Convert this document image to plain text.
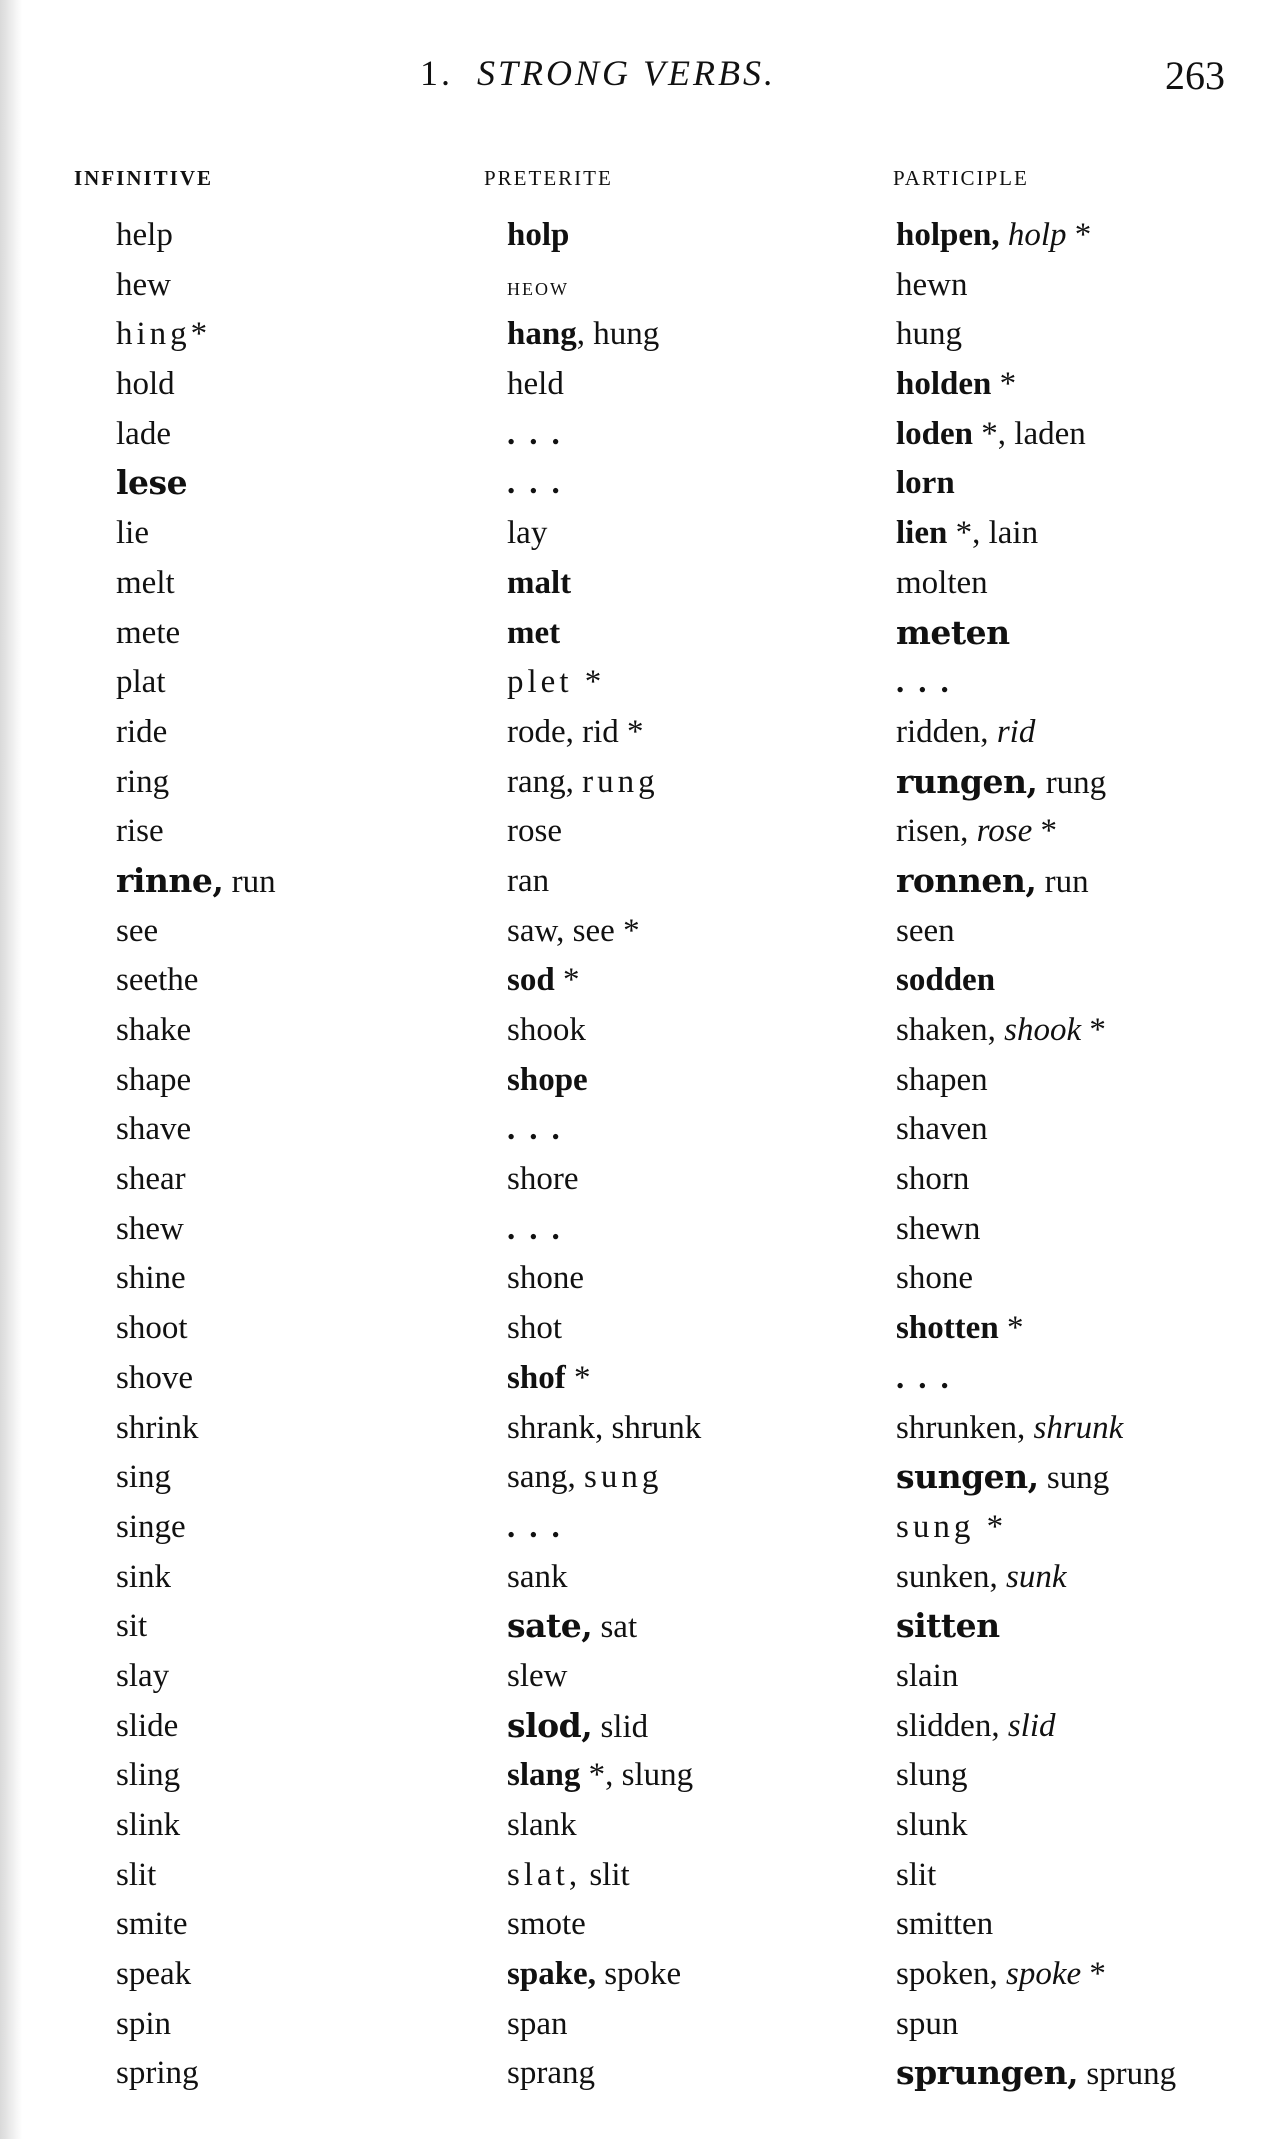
1. STRONG VERBS.	263
INFINITIVE	PRETERITE	PARTICIPLE
help	holp	holpen, holp *
hew	heow	hewn
hing*	hang, hung	hung
hold	held	holden *
lade	...	loden *, laden
lese	...	lorn
lie	lay	lien *, lain
melt	malt	molten
mete	met	meten
plat	plet *	...
ride	rode, rid *	ridden, rid
ring	rang, rung	rungen, rung
rise	rose	risen, rose *
rinne, run	ran	ronnen, run
see	saw, see *	seen
seethe	sod *	sodden
shake	shook	shaken, shook *
shape	shope	shapen
shave	...	shaven
shear	shore	shorn
shew	...	shewn
shine	shone	shone
shoot	shot	shotten *
shove	shof *	...
shrink	shrank, shrunk	shrunken, shrunk
sing	sang, sung	sungen, sung
singe	...	sung *
sink	sank	sunken, sunk
sit	sate, sat	sitten
slay	slew	slain
slide	slod, slid	slidden, slid
sling	slang *, slung	slung
slink	slank	slunk
slit	slat, slit	slit
smite	smote	smitten
speak	spake, spoke	spoken, spoke *
spin	span	spun
spring	sprang	sprungen, sprung
